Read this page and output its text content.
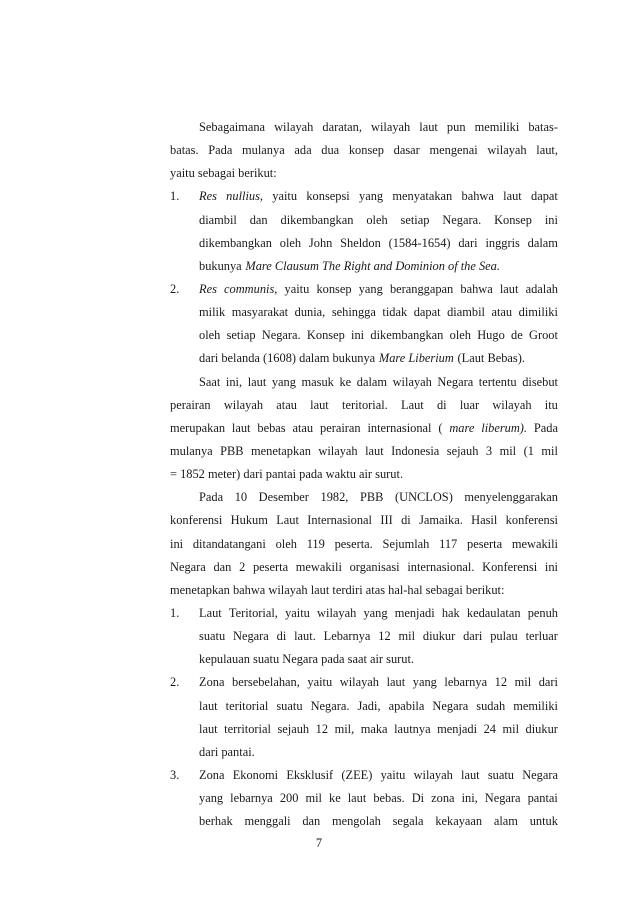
Sebagaimana wilayah daratan, wilayah laut pun memiliki batas-
batas. Pada mulanya ada dua konsep dasar mengenai wilayah laut,
yaitu sebagai berikut:
1. Res nullius, yaitu konsepsi yang menyatakan bahwa laut dapat
diambil dan dikembangkan oleh setiap Negara. Konsep ini
dikembangkan oleh John Sheldon (1584-1654) dari inggris dalam
bukunya Mare Clausum The Right and Dominion of the Sea.
2. Res communis, yaitu konsep yang beranggapan bahwa laut adalah
milik masyarakat dunia, sehingga tidak dapat diambil atau dimiliki
oleh setiap Negara. Konsep ini dikembangkan oleh Hugo de Groot
dari belanda (1608) dalam bukunya Mare Liberium (Laut Bebas).
Saat ini, laut yang masuk ke dalam wilayah Negara tertentu disebut
perairan wilayah atau laut teritorial. Laut di luar wilayah itu
merupakan laut bebas atau perairan internasional ( mare liberum). Pada
mulanya PBB menetapkan wilayah laut Indonesia sejauh 3 mil (1 mil
= 1852 meter) dari pantai pada waktu air surut.
Pada 10 Desember 1982, PBB (UNCLOS) menyelenggarakan
konferensi Hukum Laut Internasional III di Jamaika. Hasil konferensi
ini ditandatangani oleh 119 peserta. Sejumlah 117 peserta mewakili
Negara dan 2 peserta mewakili organisasi internasional. Konferensi ini
menetapkan bahwa wilayah laut terdiri atas hal-hal sebagai berikut:
1. Laut Teritorial, yaitu wilayah yang menjadi hak kedaulatan penuh
suatu Negara di laut. Lebarnya 12 mil diukur dari pulau terluar
kepulauan suatu Negara pada saat air surut.
2. Zona bersebelahan, yaitu wilayah laut yang lebarnya 12 mil dari
laut teritorial suatu Negara. Jadi, apabila Negara sudah memiliki
laut territorial sejauh 12 mil, maka lautnya menjadi 24 mil diukur
dari pantai.
3. Zona Ekonomi Eksklusif (ZEE) yaitu wilayah laut suatu Negara
yang lebarnya 200 mil ke laut bebas. Di zona ini, Negara pantai
berhak menggali dan mengolah segala kekayaan alam untuk
7
